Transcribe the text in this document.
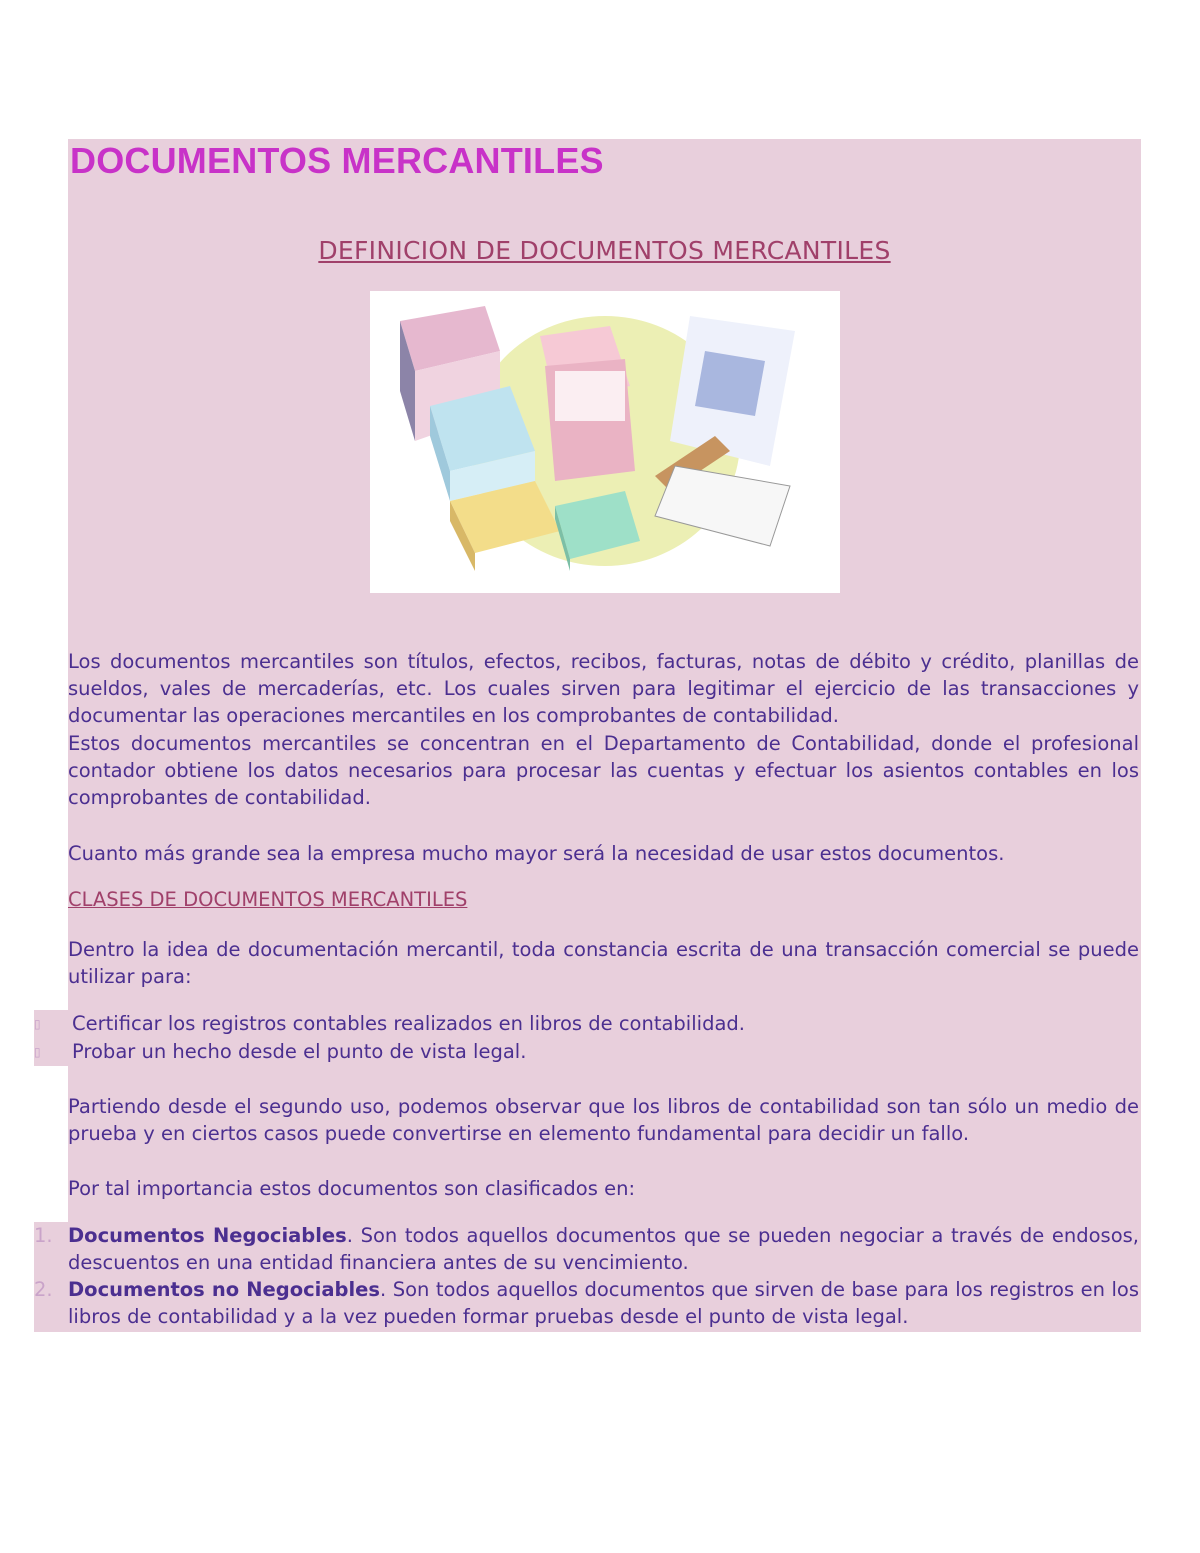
DOCUMENTOS MERCANTILES
DEFINICION DE DOCUMENTOS MERCANTILES

Los documentos mercantiles son títulos, efectos, recibos, facturas, notas de débito y crédito, planillas de sueldos, vales de mercaderías, etc. Los cuales sirven para legitimar el ejercicio de las transacciones y documentar las operaciones mercantiles en los comprobantes de contabilidad.

Estos documentos mercantiles se concentran en el Departamento de Contabilidad, donde el profesional contador obtiene los datos necesarios para procesar las cuentas y efectuar los asientos contables en los comprobantes de contabilidad.

Cuanto más grande sea la empresa mucho mayor será la necesidad de usar estos documentos.

CLASES DE DOCUMENTOS MERCANTILES

Dentro la idea de documentación mercantil, toda constancia escrita de una transacción comercial se puede utilizar para:

▯ Certificar los registros contables realizados en libros de contabilidad.
▯ Probar un hecho desde el punto de vista legal.

Partiendo desde el segundo uso, podemos observar que los libros de contabilidad son tan sólo un medio de prueba y en ciertos casos puede convertirse en elemento fundamental para decidir un fallo.

Por tal importancia estos documentos son clasificados en:

1. Documentos Negociables. Son todos aquellos documentos que se pueden negociar a través de endosos, descuentos en una entidad financiera antes de su vencimiento.
2. Documentos no Negociables. Son todos aquellos documentos que sirven de base para los registros en los libros de contabilidad y a la vez pueden formar pruebas desde el punto de vista legal.
